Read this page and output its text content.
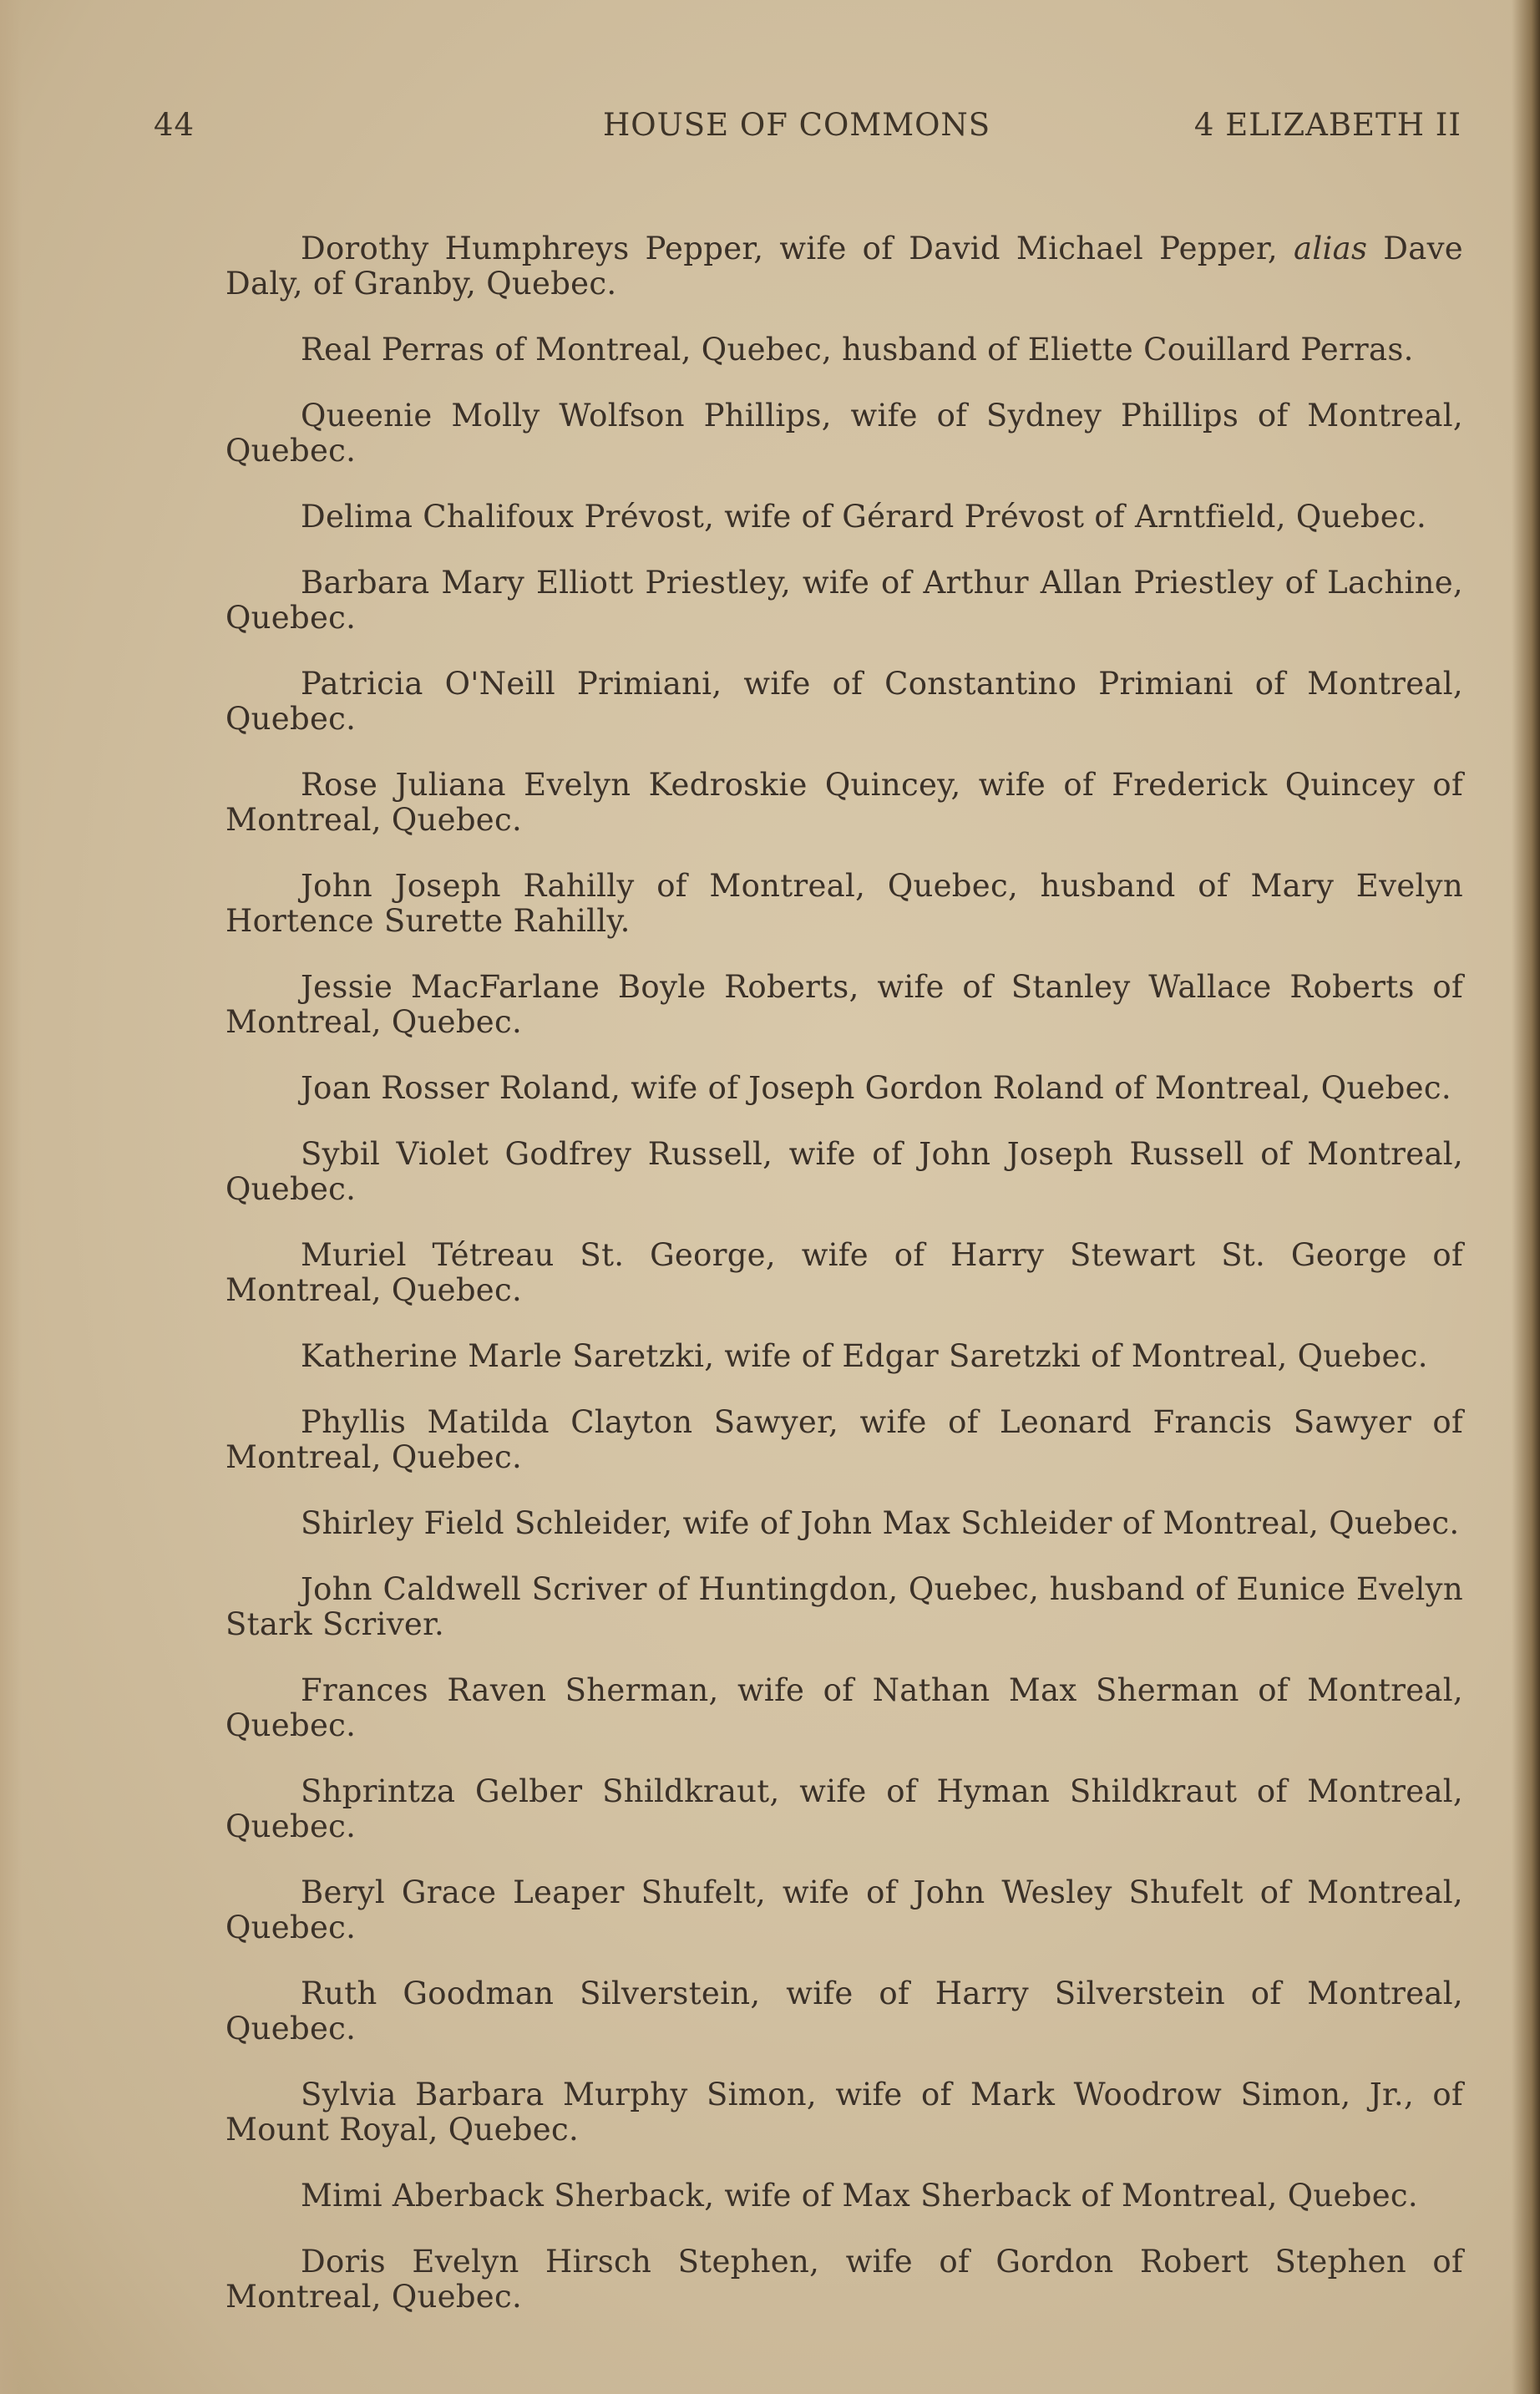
44	HOUSE OF COMMONS	4 ELIZABETH II

Dorothy Humphreys Pepper, wife of David Michael Pepper, alias Dave Daly, of Granby, Quebec.

Real Perras of Montreal, Quebec, husband of Eliette Couillard Perras.

Queenie Molly Wolfson Phillips, wife of Sydney Phillips of Montreal, Quebec.

Delima Chalifoux Prévost, wife of Gérard Prévost of Arntfield, Quebec.

Barbara Mary Elliott Priestley, wife of Arthur Allan Priestley of Lachine, Quebec.

Patricia O'Neill Primiani, wife of Constantino Primiani of Montreal, Quebec.

Rose Juliana Evelyn Kedroskie Quincey, wife of Frederick Quincey of Montreal, Quebec.

John Joseph Rahilly of Montreal, Quebec, husband of Mary Evelyn Hortence Surette Rahilly.

Jessie MacFarlane Boyle Roberts, wife of Stanley Wallace Roberts of Montreal, Quebec.

Joan Rosser Roland, wife of Joseph Gordon Roland of Montreal, Quebec.

Sybil Violet Godfrey Russell, wife of John Joseph Russell of Montreal, Quebec.

Muriel Tétreau St. George, wife of Harry Stewart St. George of Montreal, Quebec.

Katherine Marle Saretzki, wife of Edgar Saretzki of Montreal, Quebec.

Phyllis Matilda Clayton Sawyer, wife of Leonard Francis Sawyer of Montreal, Quebec.

Shirley Field Schleider, wife of John Max Schleider of Montreal, Quebec.

John Caldwell Scriver of Huntingdon, Quebec, husband of Eunice Evelyn Stark Scriver.

Frances Raven Sherman, wife of Nathan Max Sherman of Montreal, Quebec.

Shprintza Gelber Shildkraut, wife of Hyman Shildkraut of Montreal, Quebec.

Beryl Grace Leaper Shufelt, wife of John Wesley Shufelt of Montreal, Quebec.

Ruth Goodman Silverstein, wife of Harry Silverstein of Montreal, Quebec.

Sylvia Barbara Murphy Simon, wife of Mark Woodrow Simon, Jr., of Mount Royal, Quebec.

Mimi Aberback Sherback, wife of Max Sherback of Montreal, Quebec.

Doris Evelyn Hirsch Stephen, wife of Gordon Robert Stephen of Montreal, Quebec.
